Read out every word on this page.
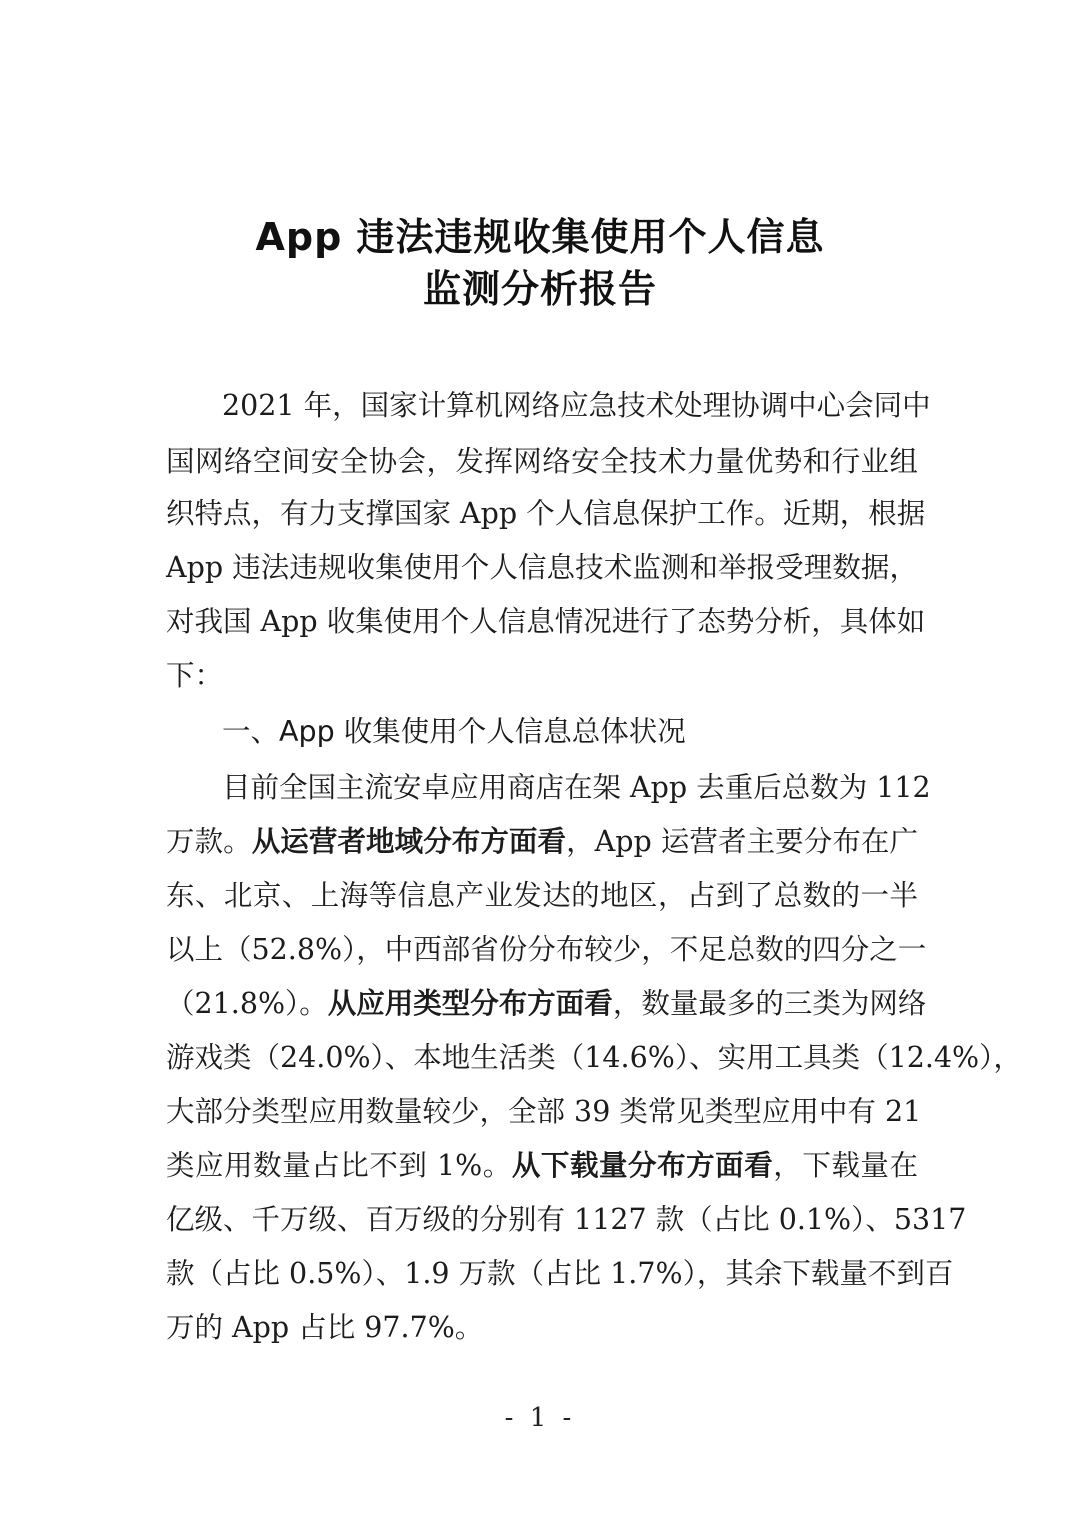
App 违法违规收集使用个人信息
监测分析报告
2021 年，国家计算机网络应急技术处理协调中心会同中
国网络空间安全协会，发挥网络安全技术力量优势和行业组
织特点，有力支撑国家 App 个人信息保护工作。近期，根据
App 违法违规收集使用个人信息技术监测和举报受理数据，
对我国 App 收集使用个人信息情况进行了态势分析，具体如
下：
一、App 收集使用个人信息总体状况
目前全国主流安卓应用商店在架 App 去重后总数为 112
万款。从运营者地域分布方面看，App 运营者主要分布在广
东、北京、上海等信息产业发达的地区，占到了总数的一半
以上（52.8%），中西部省份分布较少，不足总数的四分之一
（21.8%）。从应用类型分布方面看，数量最多的三类为网络
游戏类（24.0%）、本地生活类（14.6%）、实用工具类（12.4%），
大部分类型应用数量较少，全部 39 类常见类型应用中有 21
类应用数量占比不到 1%。从下载量分布方面看，下载量在
亿级、千万级、百万级的分别有 1127 款（占比 0.1%）、5317
款（占比 0.5%）、1.9 万款（占比 1.7%），其余下载量不到百
万的 App 占比 97.7%。
- 1 -
